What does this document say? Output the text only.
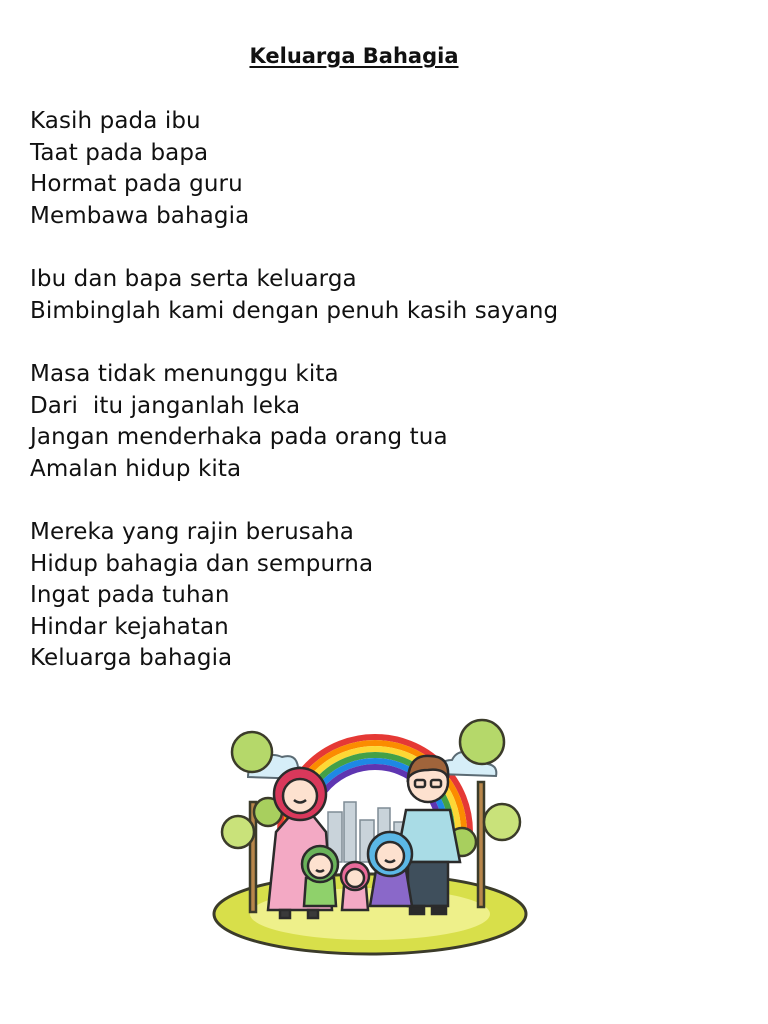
Keluarga Bahagia
Kasih pada ibu
Taat pada bapa
Hormat pada guru
Membawa bahagia
Ibu dan bapa serta keluarga
Bimbinglah kami dengan penuh kasih sayang
Masa tidak menunggu kita
Dari  itu janganlah leka
Jangan menderhaka pada orang tua
Amalan hidup kita
Mereka yang rajin berusaha
Hidup bahagia dan sempurna
Ingat pada tuhan
Hindar kejahatan
Keluarga bahagia
